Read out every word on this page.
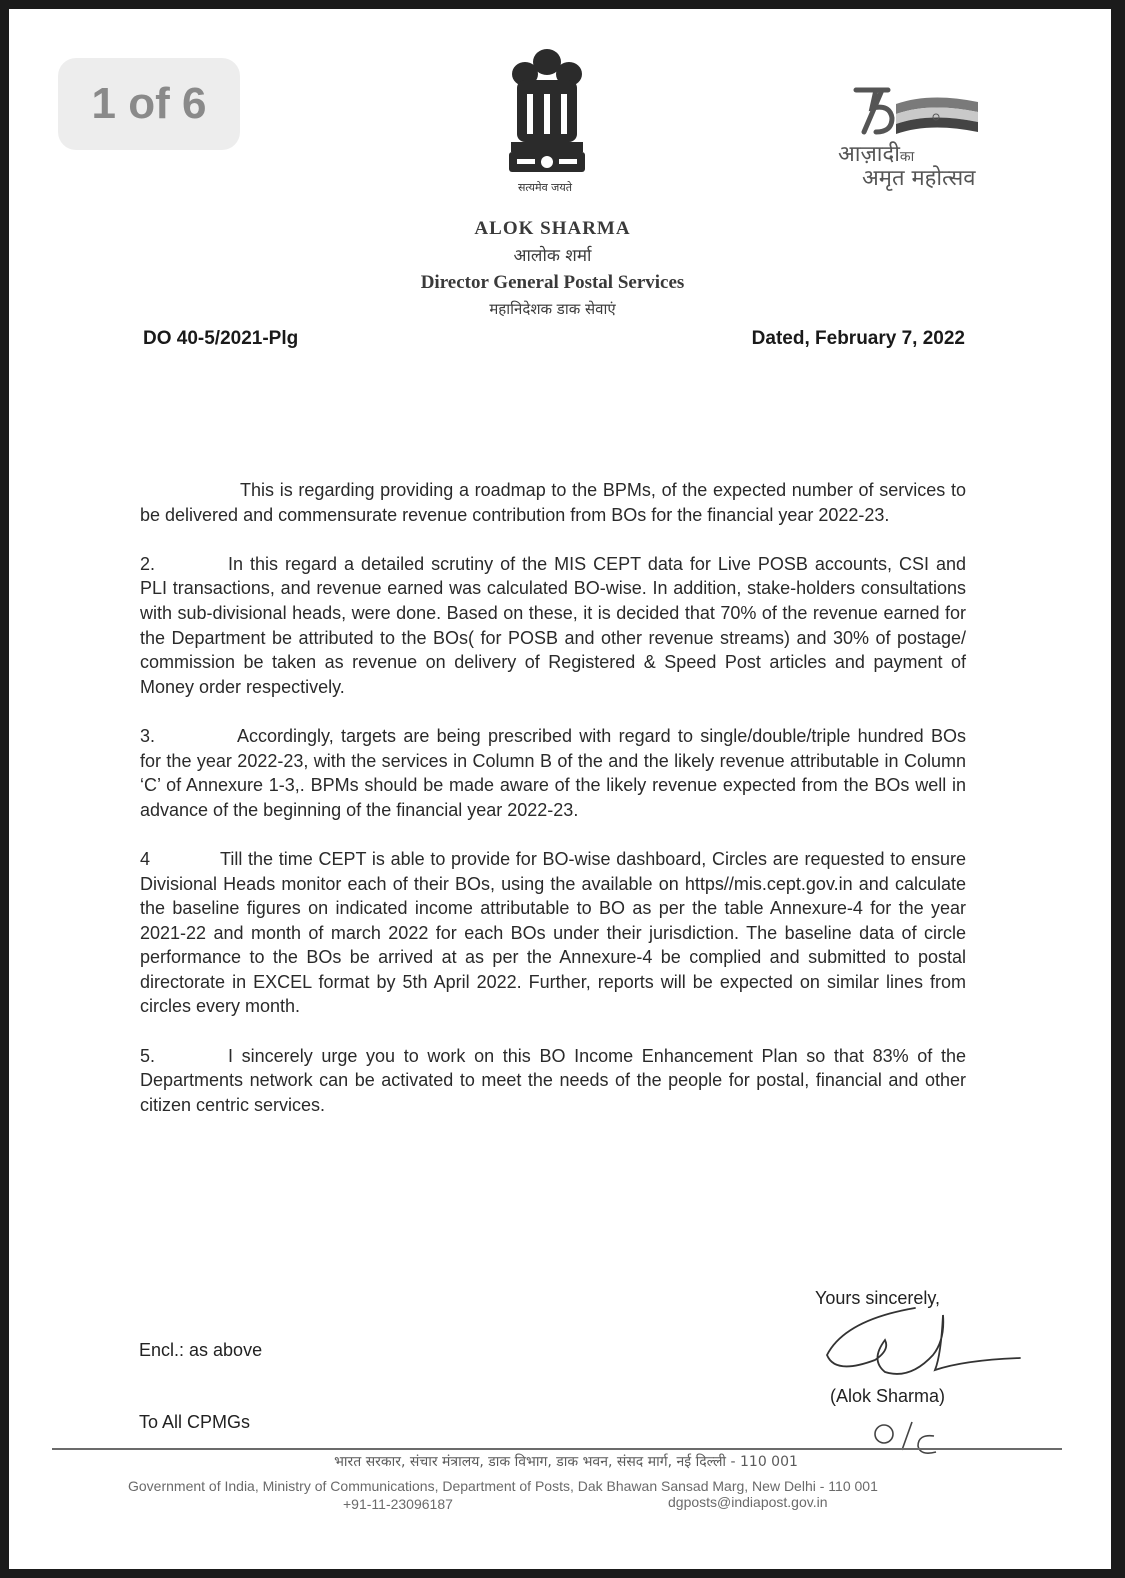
1 of 6
सत्यमेव जयते
आज़ादीका
अमृत महोत्सव
ALOK SHARMA
आलोक शर्मा
Director General Postal Services
महानिदेशक डाक सेवाएं
DO 40-5/2021-Plg	Dated, February 7, 2022

This is regarding providing a roadmap to the BPMs, of the expected number of services to be delivered and commensurate revenue contribution from BOs for the financial year 2022-23.

2.	In this regard a detailed scrutiny of the MIS CEPT data for Live POSB accounts, CSI and PLI transactions, and revenue earned was calculated BO-wise. In addition, stake-holders consultations with sub-divisional heads, were done. Based on these, it is decided that 70% of the revenue earned for the Department be attributed to the BOs( for POSB and other revenue streams) and 30% of postage/ commission be taken as revenue on delivery of Registered & Speed Post articles and payment of Money order respectively.

3.	Accordingly, targets are being prescribed with regard to single/double/triple hundred BOs for the year 2022-23, with the services in Column B of the and the likely revenue attributable in Column ‘C’ of Annexure 1-3,. BPMs should be made aware of the likely revenue expected from the BOs well in advance of the beginning of the financial year 2022-23.

4	Till the time CEPT is able to provide for BO-wise dashboard, Circles are requested to ensure Divisional Heads monitor each of their BOs, using the available on https//mis.cept.gov.in and calculate the baseline figures on indicated income attributable to BO as per the table Annexure-4 for the year 2021-22 and month of march 2022 for each BOs under their jurisdiction. The baseline data of circle performance to the BOs be arrived at as per the Annexure-4 be complied and submitted to postal directorate in EXCEL format by 5th April 2022. Further, reports will be expected on similar lines from circles every month.

5.	I sincerely urge you to work on this BO Income Enhancement Plan so that 83% of the Departments network can be activated to meet the needs of the people for postal, financial and other citizen centric services.

Yours sincerely,
(Alok Sharma)
Encl.: as above
To All CPMGs
भारत सरकार, संचार मंत्रालय, डाक विभाग, डाक भवन, संसद मार्ग, नई दिल्ली - 110 001
Government of India, Ministry of Communications, Department of Posts, Dak Bhawan Sansad Marg, New Delhi - 110 001
+91-11-23096187	dgposts@indiapost.gov.in
